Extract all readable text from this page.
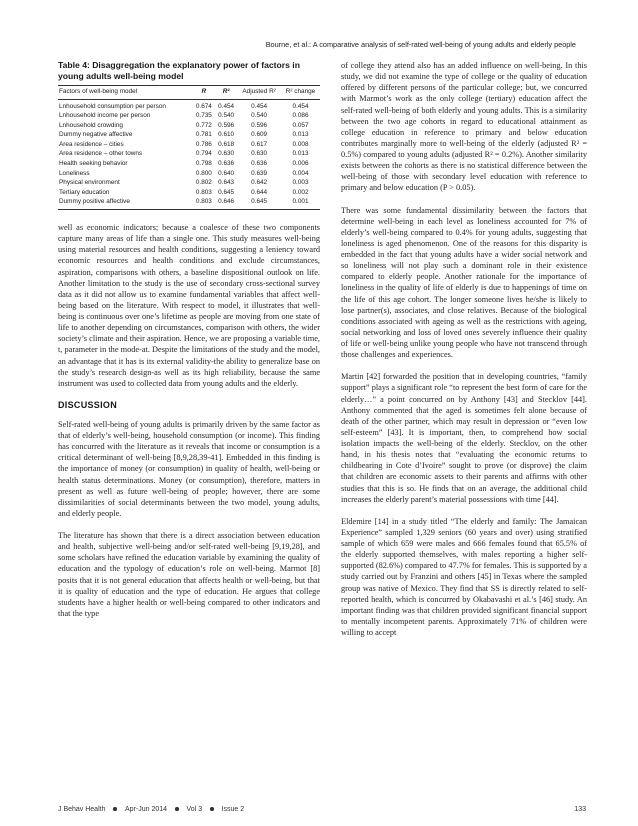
Bourne, et al.: A comparative analysis of self-rated well-being of young adults and elderly people
Table 4: Disaggregation the explanatory power of factors in young adults well-being model
Factors of well-being model	R	R²	Adjusted R²	R² change
Lnhousehold consumption per person	0.674	0.454	0.454	0.454
Lnhousehold income per person	0.735	0.540	0.540	0.086
Lnhousehold crowding	0.772	0.596	0.596	0.057
Dummy negative affective	0.781	0.610	0.609	0.013
Area residence – cities	0.786	0.618	0.617	0.008
Area residence – other towns	0.794	0.630	0.630	0.013
Health seeking behavior	0.798	0.636	0.636	0.006
Loneliness	0.800	0.640	0.639	0.004
Physical environment	0.802	0.643	0.642	0.003
Tertiary education	0.803	0.645	0.644	0.002
Dummy positive affective	0.803	0.646	0.645	0.001

well as economic indicators; because a coalesce of these two components capture many areas of life than a single one. This study measures well-being using material resources and health conditions, suggesting a leniency toward economic resources and health conditions and exclude circumstances, aspiration, comparisons with others, a baseline dispositional outlook on life. Another limitation to the study is the use of secondary cross-sectional survey data as it did not allow us to examine fundamental variables that affect well-being based on the literature. With respect to model, it illustrates that well-being is continuous over one’s lifetime as people are moving from one state of life to another depending on circumstances, comparison with others, the wider society’s climate and their aspiration. Hence, we are proposing a variable time, t, parameter in the mode-at. Despite the limitations of the study and the model, an advantage that it has is its external validity-the ability to generalize base on the study’s research design-as well as its high reliability, because the same instrument was used to collected data from young adults and the elderly.

DISCUSSION

Self-rated well-being of young adults is primarily driven by the same factor as that of elderly’s well-being, household consumption (or income). This finding has concurred with the literature as it reveals that income or consumption is a critical determinant of well-being [8,9,28,39-41]. Embedded in this finding is the importance of money (or consumption) in quality of health, well-being or health status determinations. Money (or consumption), therefore, matters in present as well as future well-being of people; however, there are some dissimilarities of social determinants between the two model, young adults, and elderly people.

The literature has shown that there is a direct association between education and health, subjective well-being and/or self-rated well-being [9,19,28], and some scholars have refined the education variable by examining the quality of education and the typology of education’s role on well-being. Marmot [8] posits that it is not general education that affects health or well-being, but that it is quality of education and the type of education. He argues that college students have a higher health or well-being compared to other indicators and that the type

of college they attend also has an added influence on well-being. In this study, we did not examine the type of college or the quality of education offered by different persons of the particular college; but, we concurred with Marmot’s work as the only college (tertiary) education affect the self-rated well-being of both elderly and young adults. This is a similarity between the two age cohorts in regard to educational attainment as college education in reference to primary and below education contributes marginally more to well-being of the elderly (adjusted R² = 0.5%) compared to young adults (adjusted R² = 0.2%). Another similarity exists between the cohorts as there is no statistical difference between the well-being of those with secondary level education with reference to primary and below education (P > 0.05).

There was some fundamental dissimilarity between the factors that determine well-being in each level as loneliness accounted for 7% of elderly’s well-being compared to 0.4% for young adults, suggesting that loneliness is aged phenomenon. One of the reasons for this disparity is embedded in the fact that young adults have a wider social network and so loneliness will not play such a dominant role in their existence compared to elderly people. Another rationale for the importance of loneliness in the quality of life of elderly is due to happenings of time on the life of this age cohort. The longer someone lives he/she is likely to lose partner(s), associates, and close relatives. Because of the biological conditions associated with ageing as well as the restrictions with ageing, social networking and loss of loved ones severely influence their quality of life or well-being unlike young people who have not transcend through those challenges and experiences.

Martin [42] forwarded the position that in developing countries, “family support” plays a significant role “to represent the best form of care for the elderly…” a point concurred on by Anthony [43] and Stecklov [44]. Anthony commented that the aged is sometimes felt alone because of death of the other partner, which may result in depression or “even low self-esteem” [43]. It is important, then, to comprehend how social isolation impacts the well-being of the elderly. Stecklov, on the other hand, in his thesis notes that “evaluating the economic returns to childbearing in Cote d’Ivoire” sought to prove (or disprove) the claim that children are economic assets to their parents and affirms with other studies that this is so. He finds that on an average, the additional child increases the elderly parent’s material possessions with time [44].

Eldemire [14] in a study titled “The elderly and family: The Jamaican Experience” sampled 1,329 seniors (60 years and over) using stratified sample of which 659 were males and 666 females found that 65.5% of the elderly supported themselves, with males reporting a higher self-supported (82.6%) compared to 47.7% for females. This is supported by a study carried out by Franzini and others [45] in Texas where the sampled group was native of Mexico. They find that SS is directly related to self-reported health, which is concurred by Okabavashi et al.’s [46] study. An important finding was that children provided significant financial support to mentally incompetent parents. Approximately 71% of children were willing to accept

J Behav Health	Apr-Jun 2014	Vol 3	Issue 2	133
